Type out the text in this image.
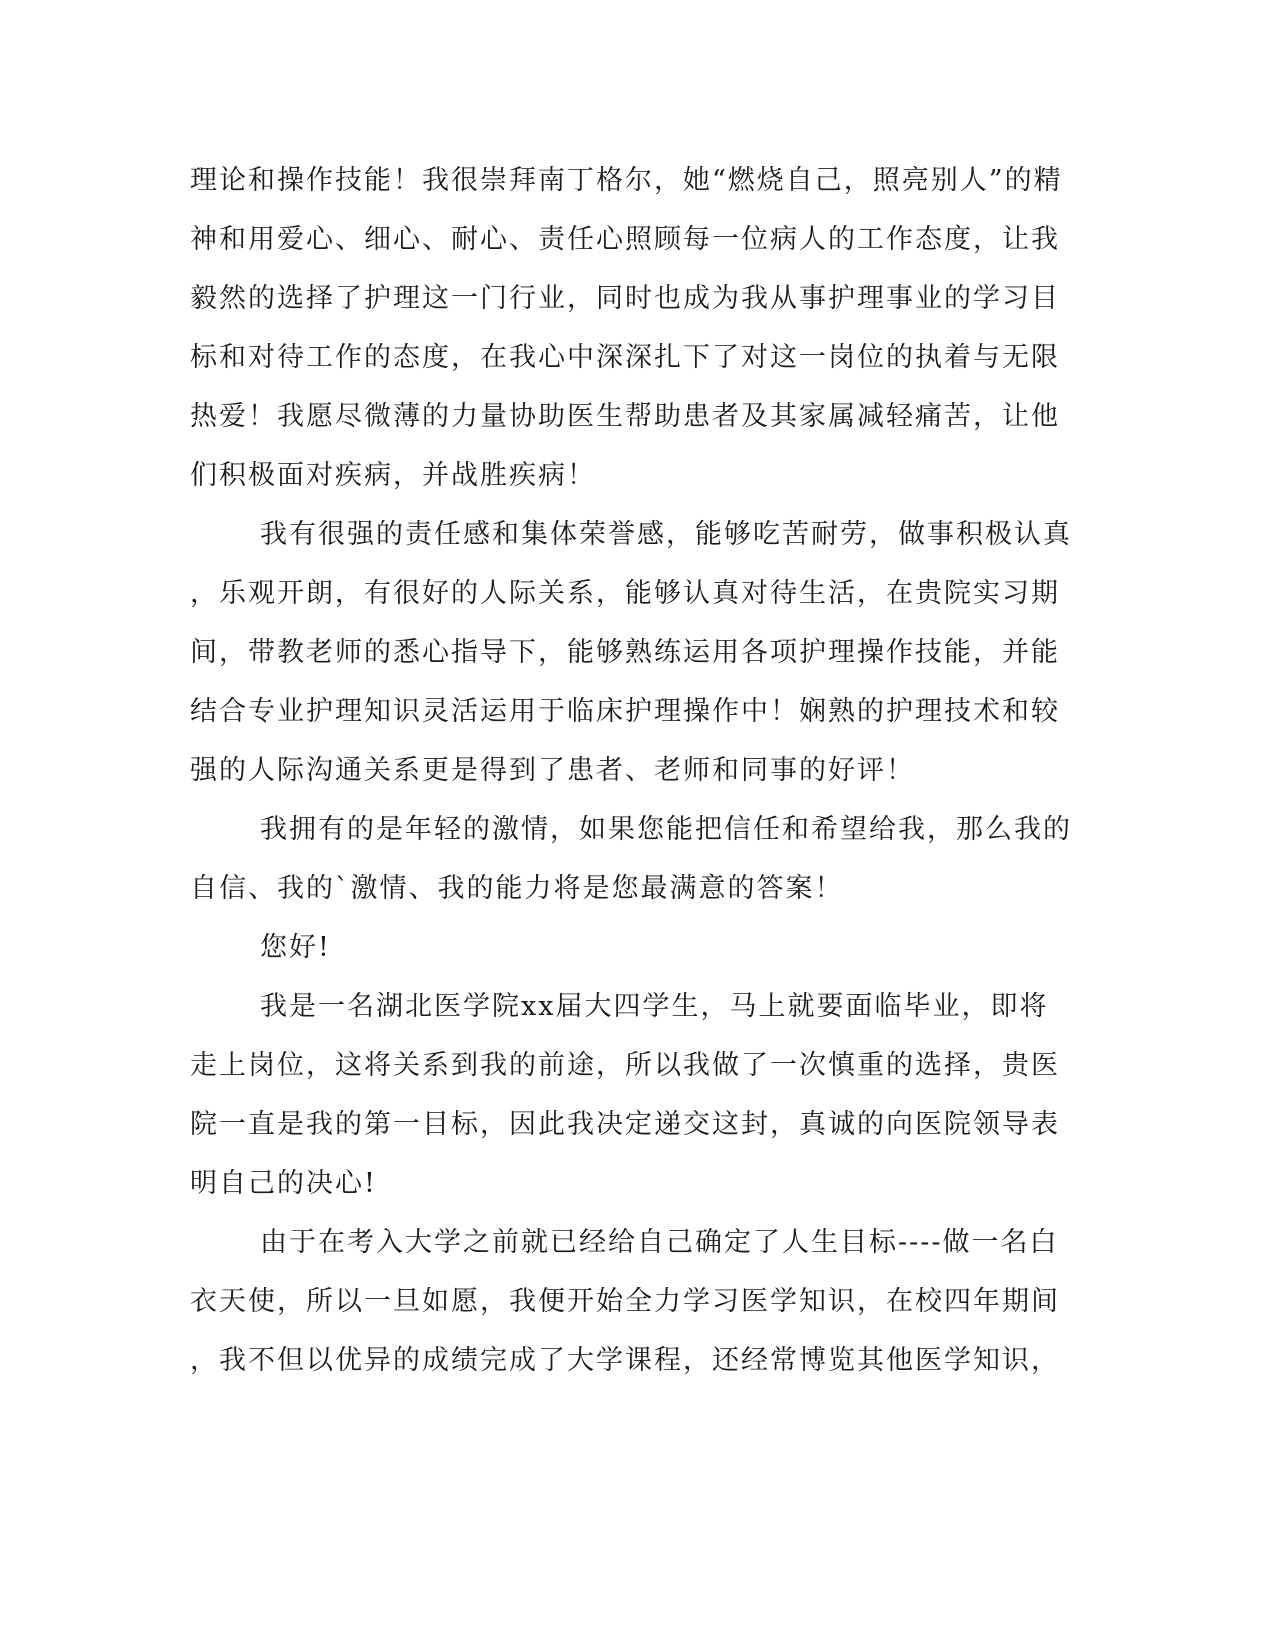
理论和操作技能！我很崇拜南丁格尔，她“燃烧自己，照亮别人”的精
神和用爱心、细心、耐心、责任心照顾每一位病人的工作态度，让我
毅然的选择了护理这一门行业，同时也成为我从事护理事业的学习目
标和对待工作的态度，在我心中深深扎下了对这一岗位的执着与无限
热爱！我愿尽微薄的力量协助医生帮助患者及其家属减轻痛苦，让他
们积极面对疾病，并战胜疾病！
我有很强的责任感和集体荣誉感，能够吃苦耐劳，做事积极认真
，乐观开朗，有很好的人际关系，能够认真对待生活，在贵院实习期
间，带教老师的悉心指导下，能够熟练运用各项护理操作技能，并能
结合专业护理知识灵活运用于临床护理操作中！娴熟的护理技术和较
强的人际沟通关系更是得到了患者、老师和同事的好评！
我拥有的是年轻的激情，如果您能把信任和希望给我，那么我的
自信、我的`激情、我的能力将是您最满意的答案！
您好!
我是一名湖北医学院xx届大四学生，马上就要面临毕业，即将
走上岗位，这将关系到我的前途，所以我做了一次慎重的选择，贵医
院一直是我的第一目标，因此我决定递交这封，真诚的向医院领导表
明自己的决心!
由于在考入大学之前就已经给自己确定了人生目标----做一名白
衣天使，所以一旦如愿，我便开始全力学习医学知识，在校四年期间
，我不但以优异的成绩完成了大学课程，还经常博览其他医学知识，
